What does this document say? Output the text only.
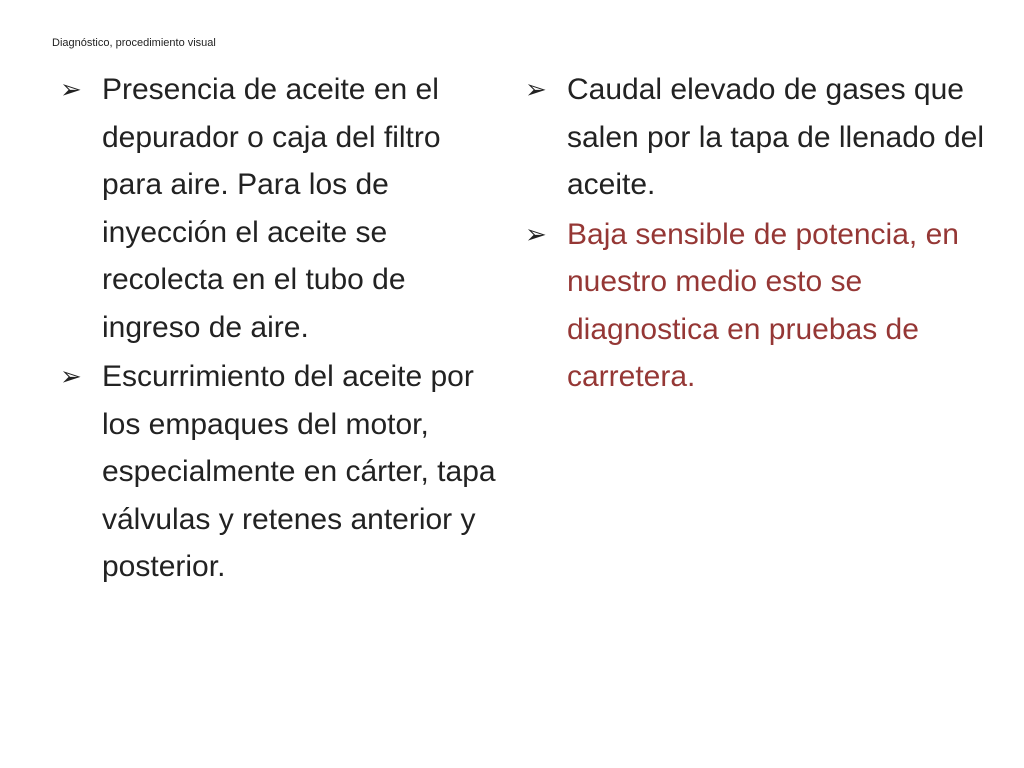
Diagnóstico, procedimiento visual
➢ Presencia de aceite en el depurador o caja del filtro para aire. Para los de inyección el aceite se recolecta en el tubo de ingreso de aire.
➢ Escurrimiento del aceite por los empaques del motor, especialmente en cárter, tapa válvulas y retenes anterior y posterior.
➢ Caudal elevado de gases que salen por la tapa de llenado del aceite.
➢ Baja sensible de potencia, en nuestro medio esto se diagnostica en pruebas de carretera.
